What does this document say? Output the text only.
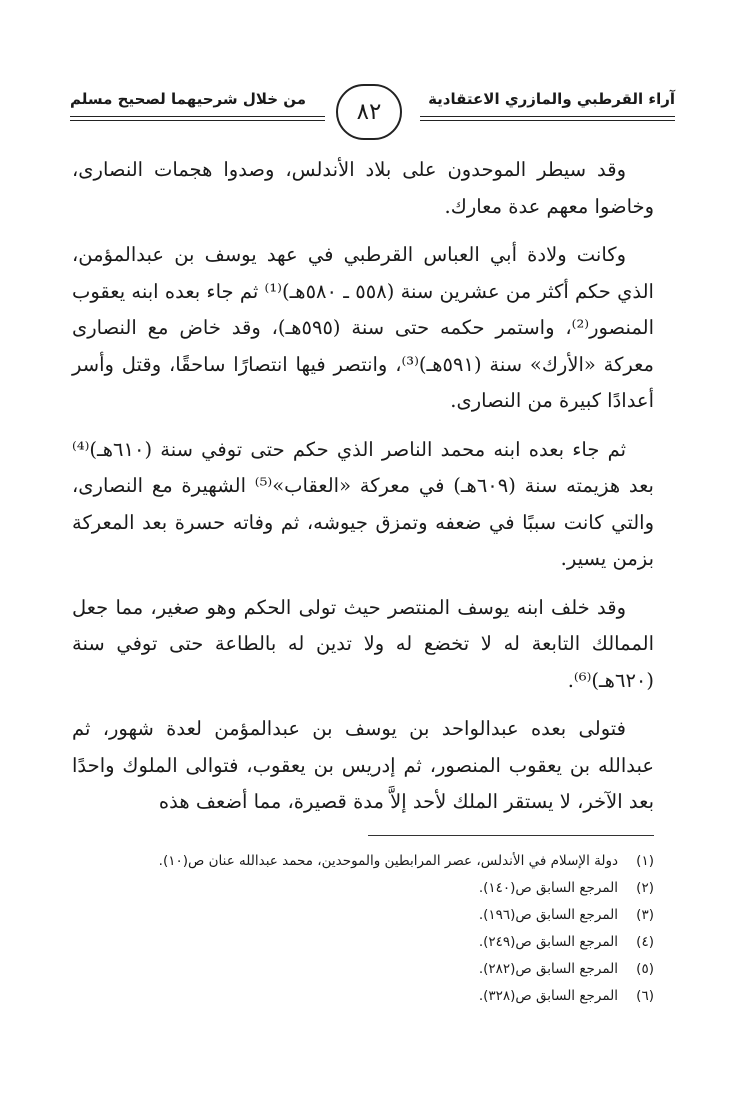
آراء القرطبي والمازري الاعتقادية
من خلال شرحيهما لصحيح مسلم	٨٢

وقد سيطر الموحدون على بلاد الأندلس، وصدوا هجمات النصارى، وخاضوا معهم عدة معارك.

وكانت ولادة أبي العباس القرطبي في عهد يوسف بن عبدالمؤمن، الذي حكم أكثر من عشرين سنة (٥٥٨ ـ ٥٨٠هـ)⁽¹⁾ ثم جاء بعده ابنه يعقوب المنصور⁽²⁾، واستمر حكمه حتى سنة (٥٩٥هـ)، وقد خاض مع النصارى معركة «الأرك» سنة (٥٩١هـ)⁽³⁾، وانتصر فيها انتصارًا ساحقًا، وقتل وأسر أعدادًا كبيرة من النصارى.

ثم جاء بعده ابنه محمد الناصر الذي حكم حتى توفي سنة (٦١٠هـ)⁽⁴⁾ بعد هزيمته سنة (٦٠٩هـ) في معركة «العقاب»⁽⁵⁾ الشهيرة مع النصارى، والتي كانت سببًا في ضعفه وتمزق جيوشه، ثم وفاته حسرة بعد المعركة بزمن يسير.

وقد خلف ابنه يوسف المنتصر حيث تولى الحكم وهو صغير، مما جعل الممالك التابعة له لا تخضع له ولا تدين له بالطاعة حتى توفي سنة (٦٢٠هـ)⁽⁶⁾.

فتولى بعده عبدالواحد بن يوسف بن عبدالمؤمن لعدة شهور، ثم عبدالله بن يعقوب المنصور، ثم إدريس بن يعقوب، فتوالى الملوك واحدًا بعد الآخر، لا يستقر الملك لأحد إلاَّ مدة قصيرة، مما أضعف هذه

(١)
دولة الإسلام في الأندلس، عصر المرابطين والموحدين، محمد عبدالله عنان ص(١٠).
(٢)
المرجع السابق ص(١٤٠).
(٣)
المرجع السابق ص(١٩٦).
(٤)
المرجع السابق ص(٢٤٩).
(٥)
المرجع السابق ص(٢٨٢).
(٦)
المرجع السابق ص(٣٢٨).
